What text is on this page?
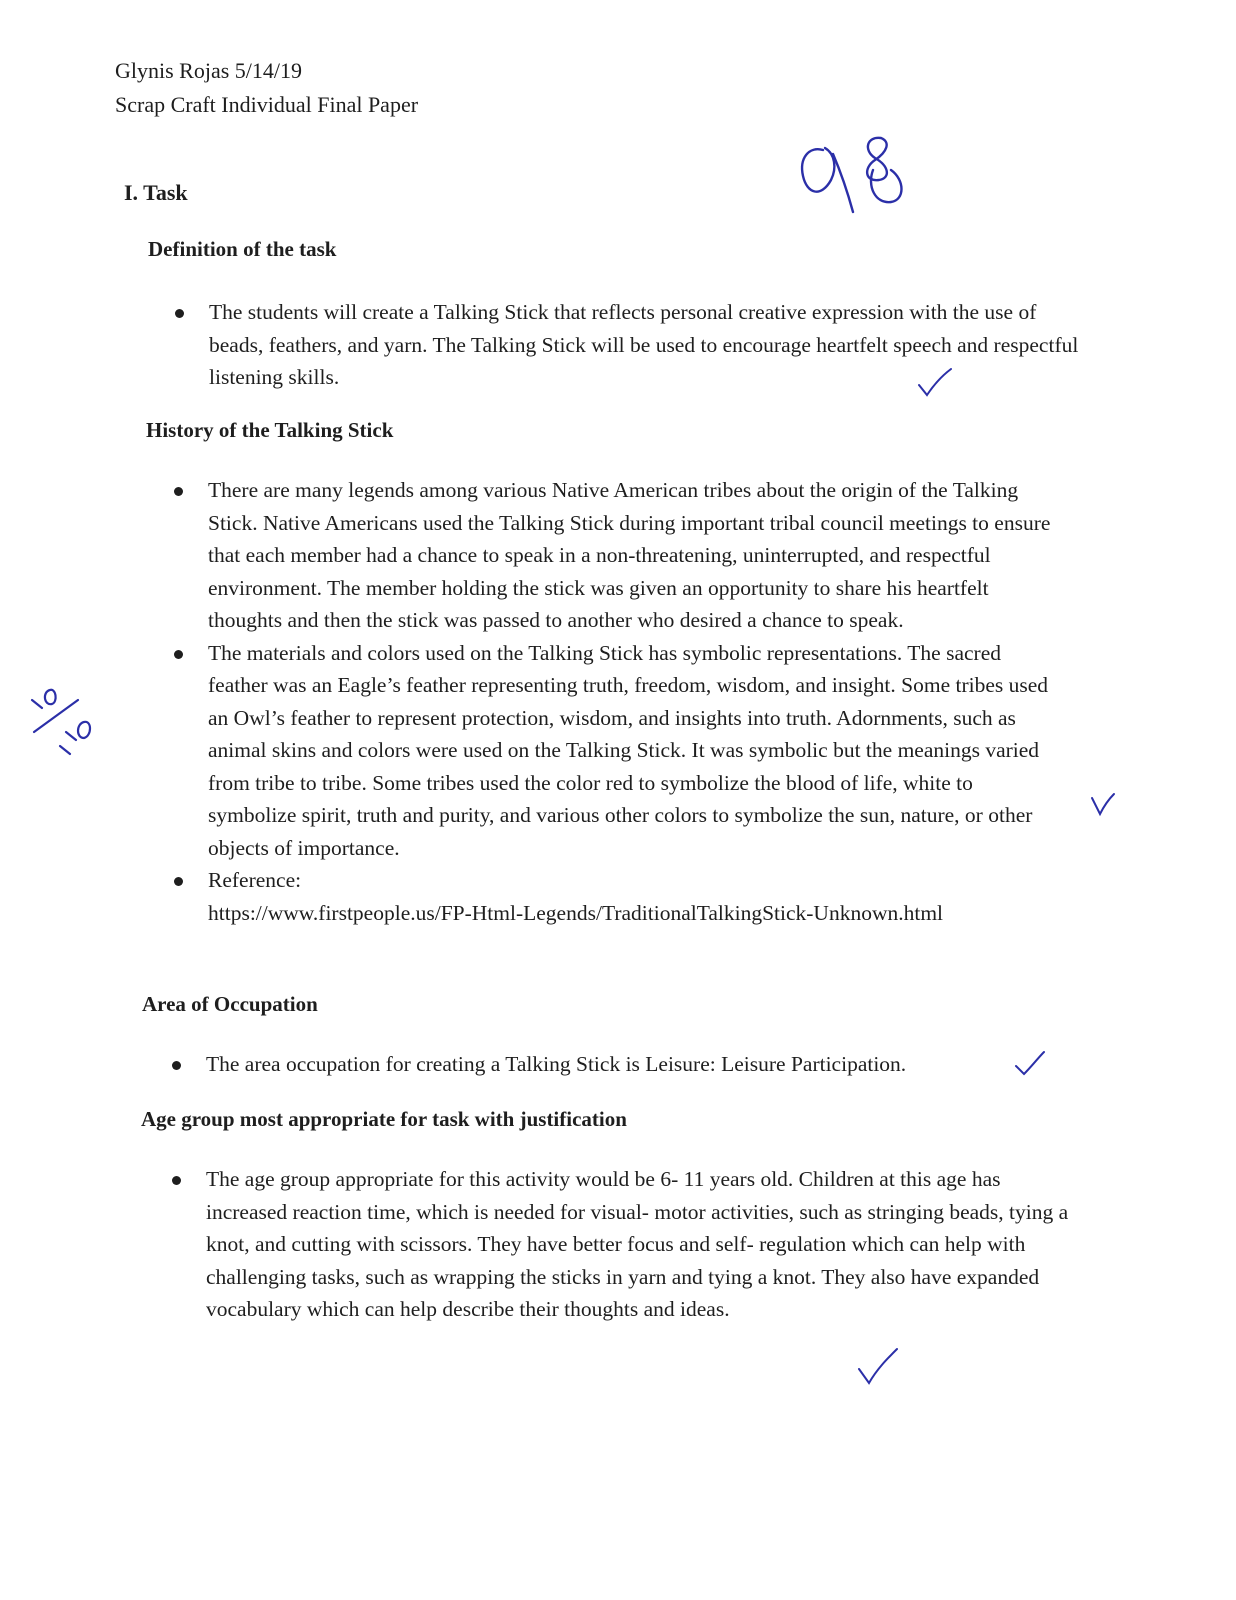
Glynis Rojas 5/14/19
Scrap Craft Individual Final Paper
I. Task
Definition of the task
The students will create a Talking Stick that reflects personal creative expression with the use of beads, feathers, and yarn. The Talking Stick will be used to encourage heartfelt speech and respectful listening skills.
History of the Talking Stick
There are many legends among various Native American tribes about the origin of the Talking Stick. Native Americans used the Talking Stick during important tribal council meetings to ensure that each member had a chance to speak in a non-threatening, uninterrupted, and respectful environment. The member holding the stick was given an opportunity to share his heartfelt thoughts and then the stick was passed to another who desired a chance to speak.
The materials and colors used on the Talking Stick has symbolic representations. The sacred feather was an Eagle’s feather representing truth, freedom, wisdom, and insight. Some tribes used an Owl’s feather to represent protection, wisdom, and insights into truth. Adornments, such as animal skins and colors were used on the Talking Stick. It was symbolic but the meanings varied from tribe to tribe. Some tribes used the color red to symbolize the blood of life, white to symbolize spirit, truth and purity, and various other colors to symbolize the sun, nature, or other objects of importance.
Reference:
https://www.firstpeople.us/FP-Html-Legends/TraditionalTalkingStick-Unknown.html
Area of Occupation
The area occupation for creating a Talking Stick is Leisure: Leisure Participation.
Age group most appropriate for task with justification
The age group appropriate for this activity would be 6- 11 years old. Children at this age has increased reaction time, which is needed for visual- motor activities, such as stringing beads, tying a knot, and cutting with scissors. They have better focus and self- regulation which can help with challenging tasks, such as wrapping the sticks in yarn and tying a knot. They also have expanded vocabulary which can help describe their thoughts and ideas.
